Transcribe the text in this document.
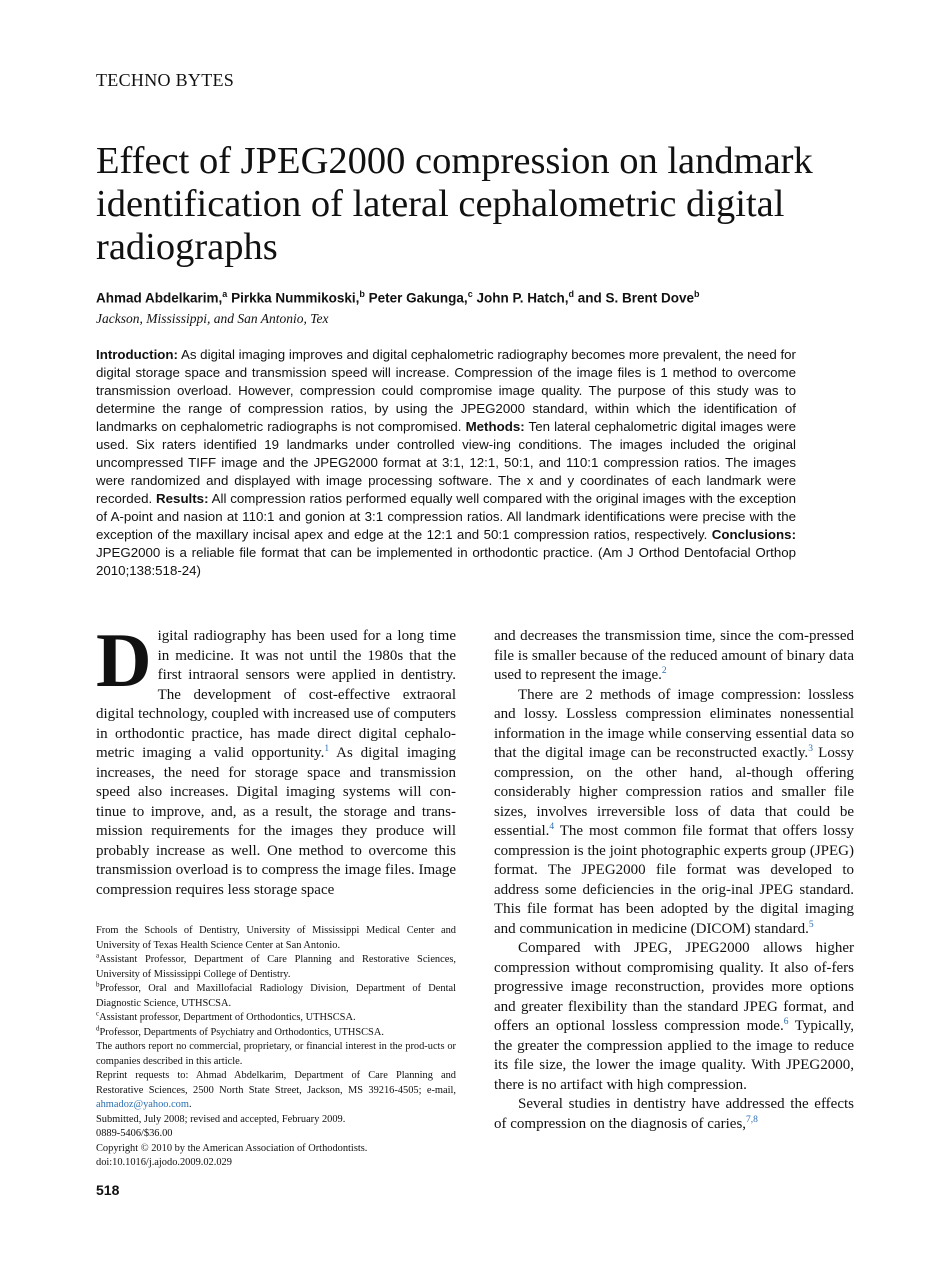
TECHNO BYTES
Effect of JPEG2000 compression on landmark identification of lateral cephalometric digital radiographs
Ahmad Abdelkarim,$^a$ Pirkka Nummikoski,$^b$ Peter Gakunga,$^c$ John P. Hatch,$^d$ and S. Brent Dove$^b$
Jackson, Mississippi, and San Antonio, Tex
Introduction: As digital imaging improves and digital cephalometric radiography becomes more prevalent, the need for digital storage space and transmission speed will increase. Compression of the image files is 1 method to overcome transmission overload. However, compression could compromise image quality. The purpose of this study was to determine the range of compression ratios, by using the JPEG2000 standard, within which the identification of landmarks on cephalometric radiographs is not compromised. Methods: Ten lateral cephalometric digital images were used. Six raters identified 19 landmarks under controlled view-ing conditions. The images included the original uncompressed TIFF image and the JPEG2000 format at 3:1, 12:1, 50:1, and 110:1 compression ratios. The images were randomized and displayed with image processing software. The x and y coordinates of each landmark were recorded. Results: All compression ratios performed equally well compared with the original images with the exception of A-point and nasion at 110:1 and gonion at 3:1 compression ratios. All landmark identifications were precise with the exception of the maxillary incisal apex and edge at the 12:1 and 50:1 compression ratios, respectively. Conclusions: JPEG2000 is a reliable file format that can be implemented in orthodontic practice. (Am J Orthod Dentofacial Orthop 2010;138:518-24)

Digital radiography has been used for a long time in medicine. It was not until the 1980s that the first intraoral sensors were applied in dentistry. The development of cost-effective extraoral digital technology, coupled with increased use of computers in orthodontic practice, has made direct digital cephalo-metric imaging a valid opportunity.$^1$ As digital imaging increases, the need for storage space and transmission speed also increases. Digital imaging systems will con-tinue to improve, and, as a result, the storage and trans-mission requirements for the images they produce will probably increase as well. One method to overcome this transmission overload is to compress the image files. Image compression requires less storage space

and decreases the transmission time, since the com-pressed file is smaller because of the reduced amount of binary data used to represent the image.$^2$

There are 2 methods of image compression: lossless and lossy. Lossless compression eliminates nonessential information in the image while conserving essential data so that the digital image can be reconstructed exactly.$^3$ Lossy compression, on the other hand, al-though offering considerably higher compression ratios and smaller file sizes, involves irreversible loss of data that could be essential.$^4$ The most common file format that offers lossy compression is the joint photographic experts group (JPEG) format. The JPEG2000 file format was developed to address some deficiencies in the orig-inal JPEG standard. This file format has been adopted by the digital imaging and communication in medicine (DICOM) standard.$^5$

Compared with JPEG, JPEG2000 allows higher compression without compromising quality. It also of-fers progressive image reconstruction, provides more options and greater flexibility than the standard JPEG format, and offers an optional lossless compression mode.$^6$ Typically, the greater the compression applied to the image to reduce its file size, the lower the image quality. With JPEG2000, there is no artifact with high compression.

Several studies in dentistry have addressed the effects of compression on the diagnosis of caries,$^{7,8}$

From the Schools of Dentistry, University of Mississippi Medical Center and University of Texas Health Science Center at San Antonio.

$^a$Assistant Professor, Department of Care Planning and Restorative Sciences, University of Mississippi College of Dentistry.

$^b$Professor, Oral and Maxillofacial Radiology Division, Department of Dental Diagnostic Science, UTHSCSA.

$^c$Assistant professor, Department of Orthodontics, UTHSCSA.

$^d$Professor, Departments of Psychiatry and Orthodontics, UTHSCSA.

The authors report no commercial, proprietary, or financial interest in the prod-ucts or companies described in this article.

Reprint requests to: Ahmad Abdelkarim, Department of Care Planning and Restorative Sciences, 2500 North State Street, Jackson, MS 39216-4505; e-mail, ahmadoz@yahoo.com.

Submitted, July 2008; revised and accepted, February 2009.

0889-5406/$36.00

Copyright © 2010 by the American Association of Orthodontists.

doi:10.1016/j.ajodo.2009.02.029

518
